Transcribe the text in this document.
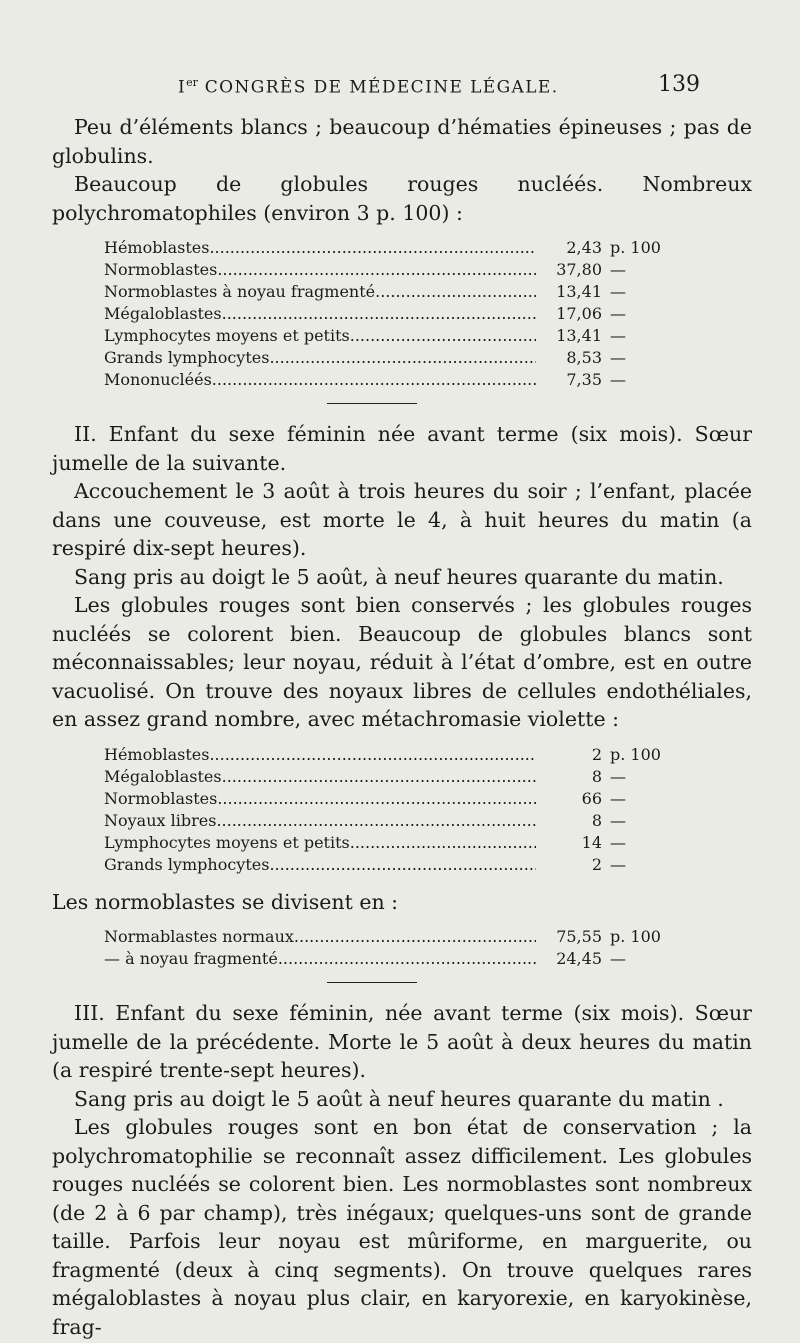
Ier CONGRÈS DE MÉDECINE LÉGALE.	139

Peu d’éléments blancs ; beaucoup d’hématies épineuses ; pas de globulins.

Beaucoup de globules rouges nucléés. Nombreux polychromatophiles (environ 3 p. 100) :

Hémoblastes .....	2,43 p. 100
Normoblastes .....	37,80 —
Normoblastes à noyau fragmenté .....	13,41 —
Mégaloblastes .....	17,06 —
Lymphocytes moyens et petits .....	13,41 —
Grands lymphocytes .....	8,53 —
Mononucléés .....	7,35 —

II. Enfant du sexe féminin née avant terme (six mois). Sœur jumelle de la suivante.

Accouchement le 3 août à trois heures du soir ; l’enfant, placée dans une couveuse, est morte le 4, à huit heures du matin (a respiré dix-sept heures).

Sang pris au doigt le 5 août, à neuf heures quarante du matin.

Les globules rouges sont bien conservés ; les globules rouges nucléés se colorent bien. Beaucoup de globules blancs sont méconnaissables; leur noyau, réduit à l’état d’ombre, est en outre vacuolisé. On trouve des noyaux libres de cellules endothéliales, en assez grand nombre, avec métachromasie violette :

Hémoblastes .....	2 p. 100
Mégaloblastes .....	8 —
Normoblastes .....	66 —
Noyaux libres .....	8 —
Lymphocytes moyens et petits .....	14 —
Grands lymphocytes .....	2 —

Les normoblastes se divisent en :

Normablastes normaux .....	75,55 p. 100
— à noyau fragmenté .....	24,45 —

III. Enfant du sexe féminin, née avant terme (six mois). Sœur jumelle de la précédente. Morte le 5 août à deux heures du matin (a respiré trente-sept heures).

Sang pris au doigt le 5 août à neuf heures quarante du matin .

Les globules rouges sont en bon état de conservation ; la polychromatophilie se reconnaît assez difficilement. Les globules rouges nucléés se colorent bien. Les normoblastes sont nombreux (de 2 à 6 par champ), très inégaux; quelques-uns sont de grande taille. Parfois leur noyau est mûriforme, en marguerite, ou fragmenté (deux à cinq segments). On trouve quelques rares mégaloblastes à noyau plus clair, en karyorexie, en karyokinèse, frag-
